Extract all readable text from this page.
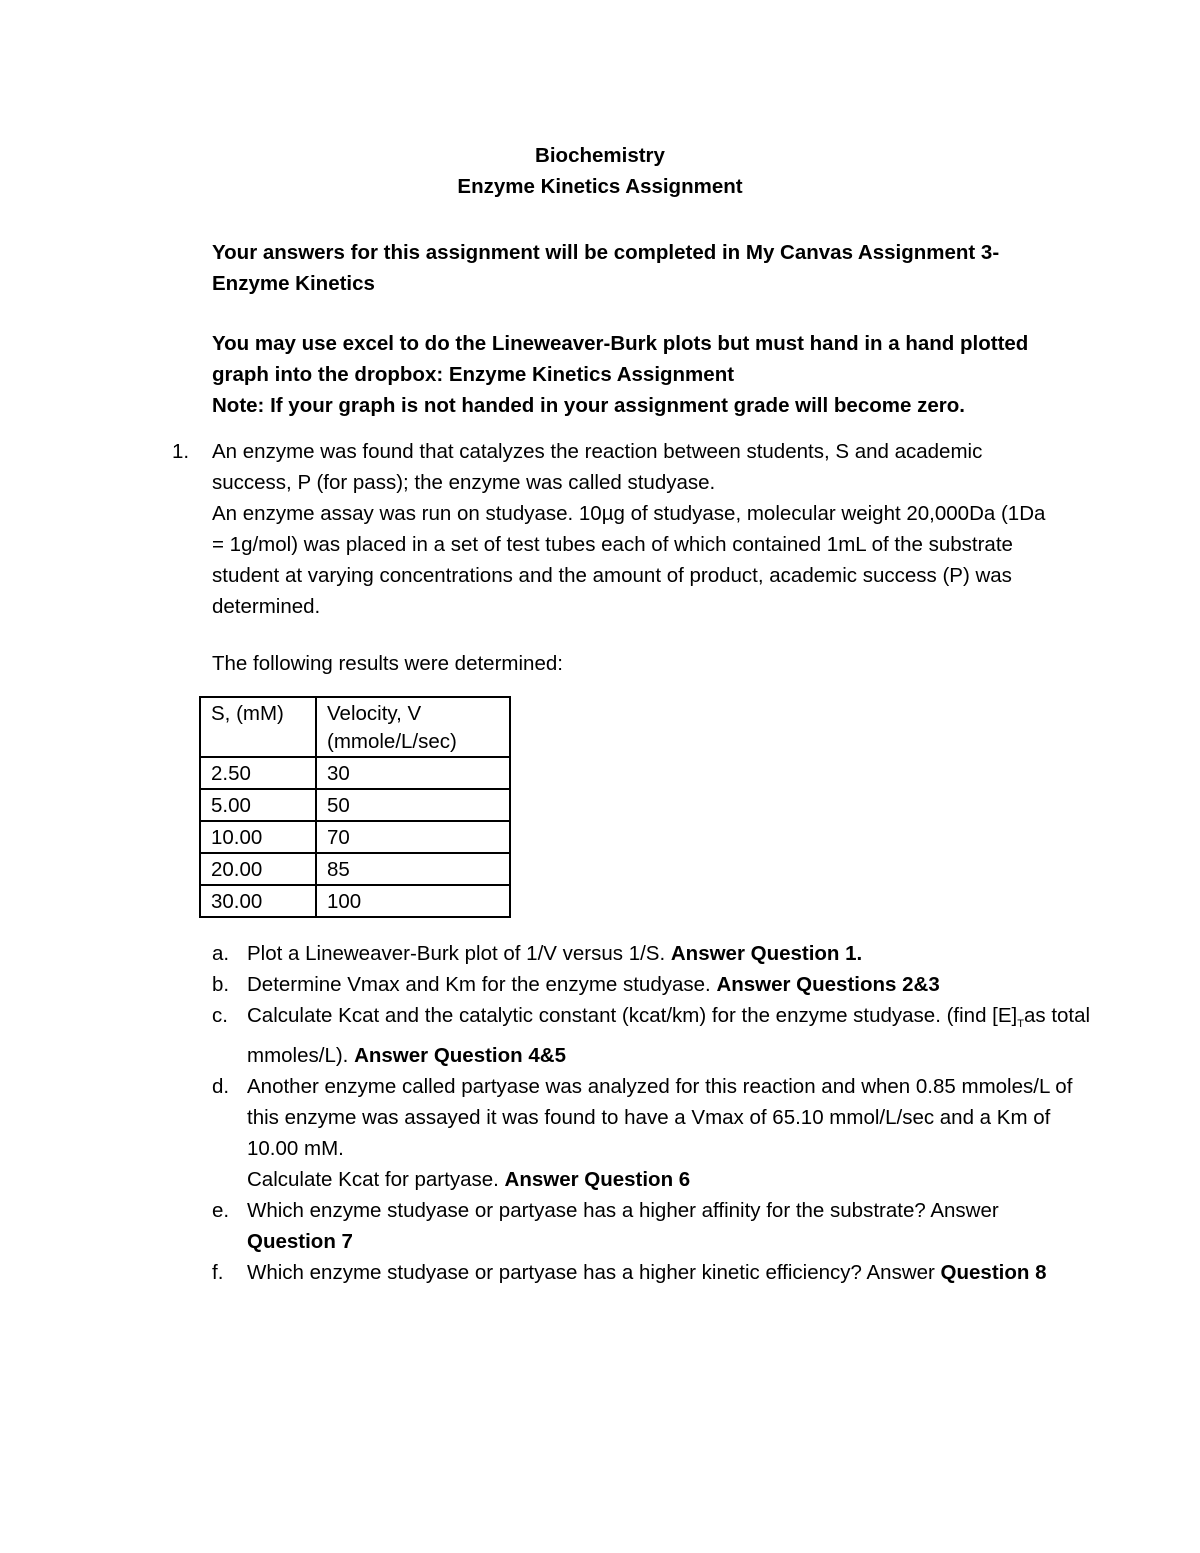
Biochemistry
Enzyme Kinetics Assignment
Your answers for this assignment will be completed in My Canvas Assignment 3- Enzyme Kinetics
You may use excel to do the Lineweaver-Burk plots but must hand in a hand plotted graph into the dropbox: Enzyme Kinetics Assignment
Note: If your graph is not handed in your assignment grade will become zero.
1. An enzyme was found that catalyzes the reaction between students, S and academic success, P (for pass); the enzyme was called studyase.
An enzyme assay was run on studyase. 10µg of studyase, molecular weight 20,000Da (1Da = 1g/mol) was placed in a set of test tubes each of which contained 1mL of the substrate student at varying concentrations and the amount of product, academic success (P) was determined.
The following results were determined:
S, (mM)	Velocity, V
(mmole/L/sec)

2.50	30
5.00	50
10.00	70
20.00	85
30.00	100
a. Plot a Lineweaver-Burk plot of 1/V versus 1/S. Answer Question 1.
b. Determine Vmax and Km for the enzyme studyase. Answer Questions 2&3
c. Calculate Kcat and the catalytic constant (kcat/km) for the enzyme studyase. (find $[E]_Tas$ total mmoles/L). Answer Question 4&5
d. Another enzyme called partyase was analyzed for this reaction and when 0.85 mmoles/L of this enzyme was assayed it was found to have a Vmax of 65.10 mmol/L/sec and a Km of 10.00 mM.
Calculate Kcat for partyase. Answer Question 6
e. Which enzyme studyase or partyase has a higher affinity for the substrate? Answer Question 7
f. Which enzyme studyase or partyase has a higher kinetic efficiency? Answer Question 8
